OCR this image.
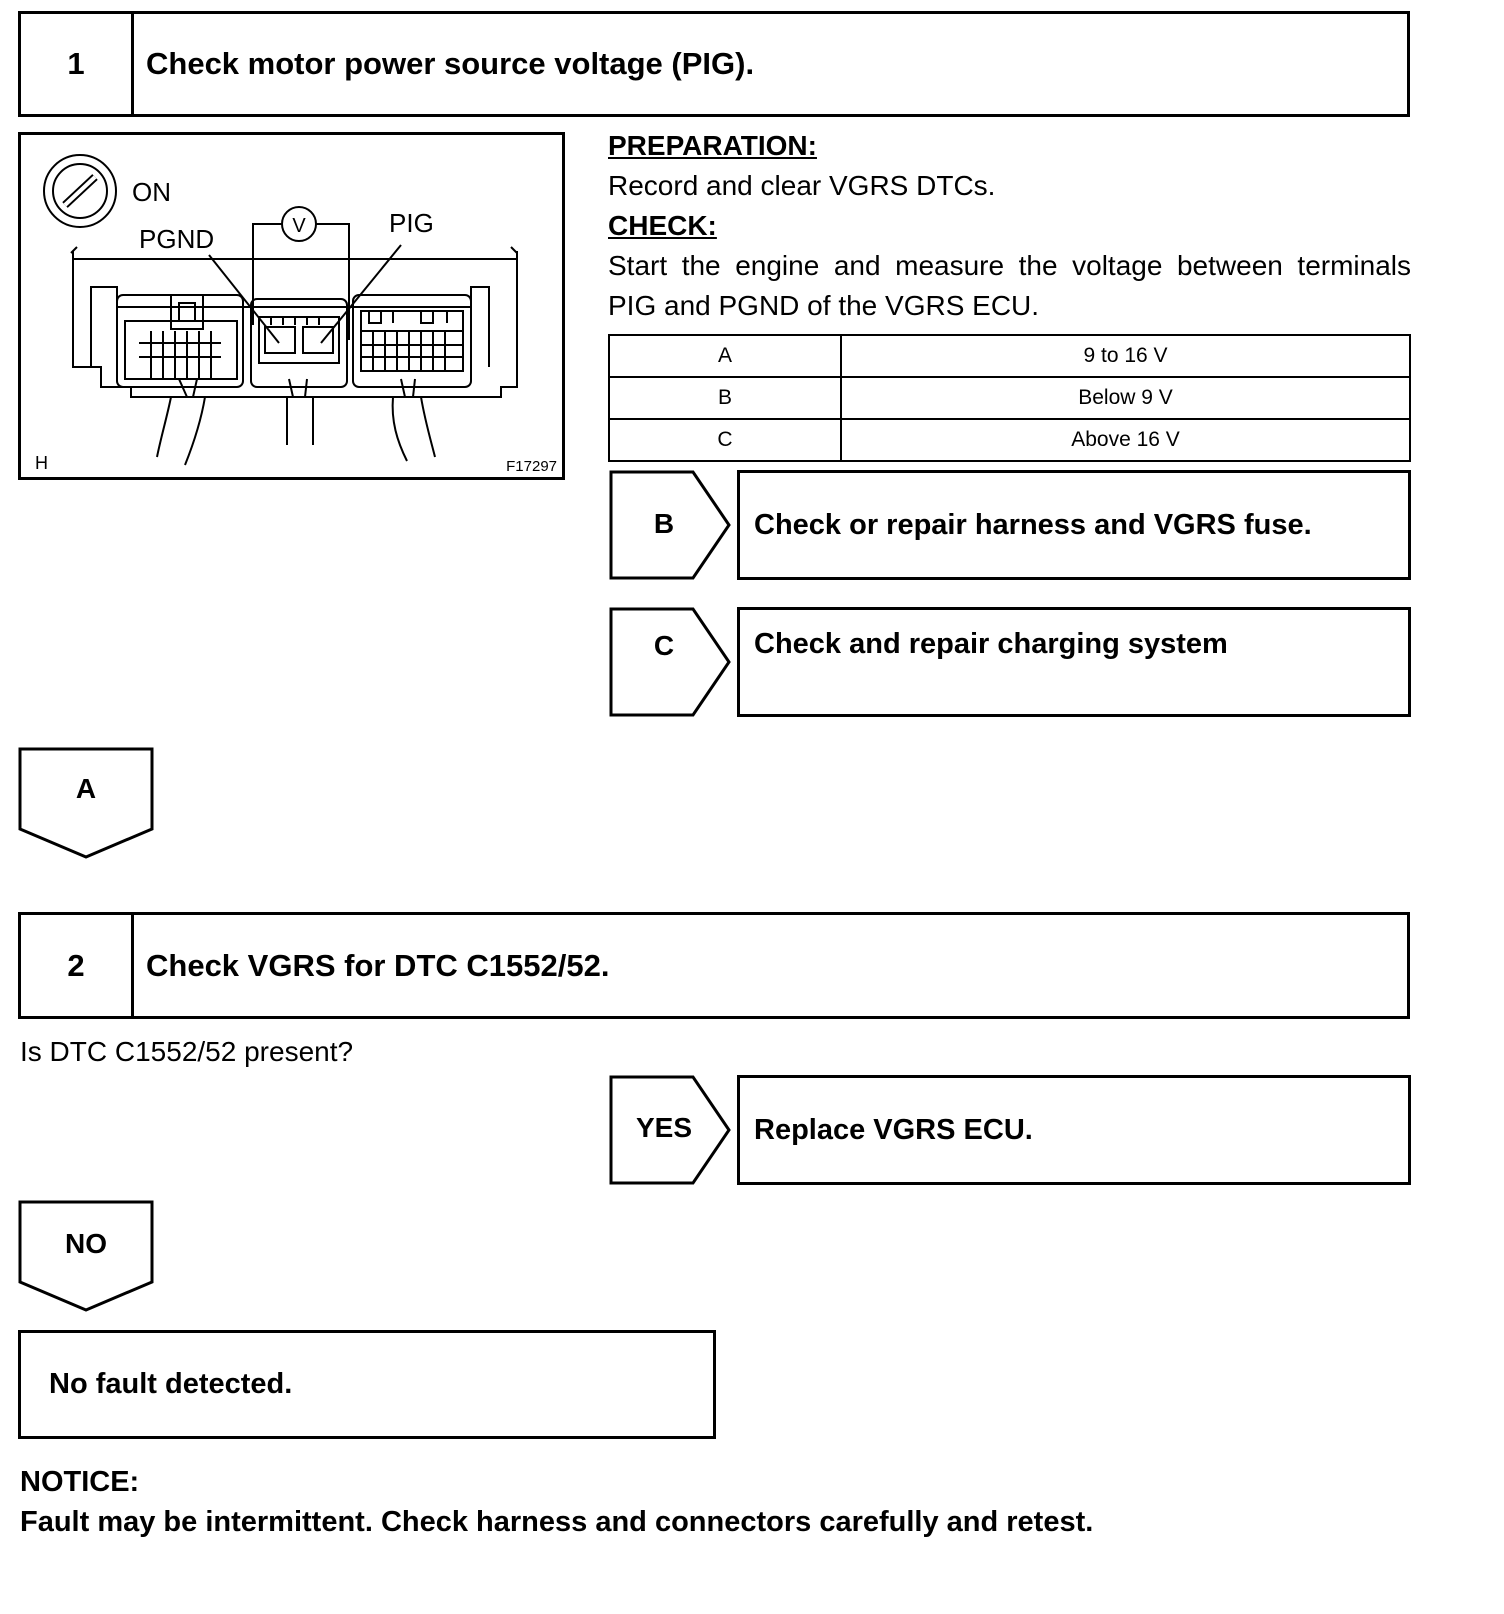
1	Check motor power source voltage (PIG).
ON
V
PGND
PIG
H	F17297
PREPARATION:
Record and clear VGRS DTCs.
CHECK:
Start the engine and measure the voltage between terminals PIG and PGND of the VGRS ECU.
A	9 to 16 V
B	Below 9 V
C	Above 16 V
B	Check or repair harness and VGRS fuse.
C	Check and repair charging system
A
2	Check VGRS for DTC C1552/52.
Is DTC C1552/52 present?
YES	Replace VGRS ECU.
NO
No fault detected.
NOTICE:
Fault may be intermittent. Check harness and connectors carefully and retest.
